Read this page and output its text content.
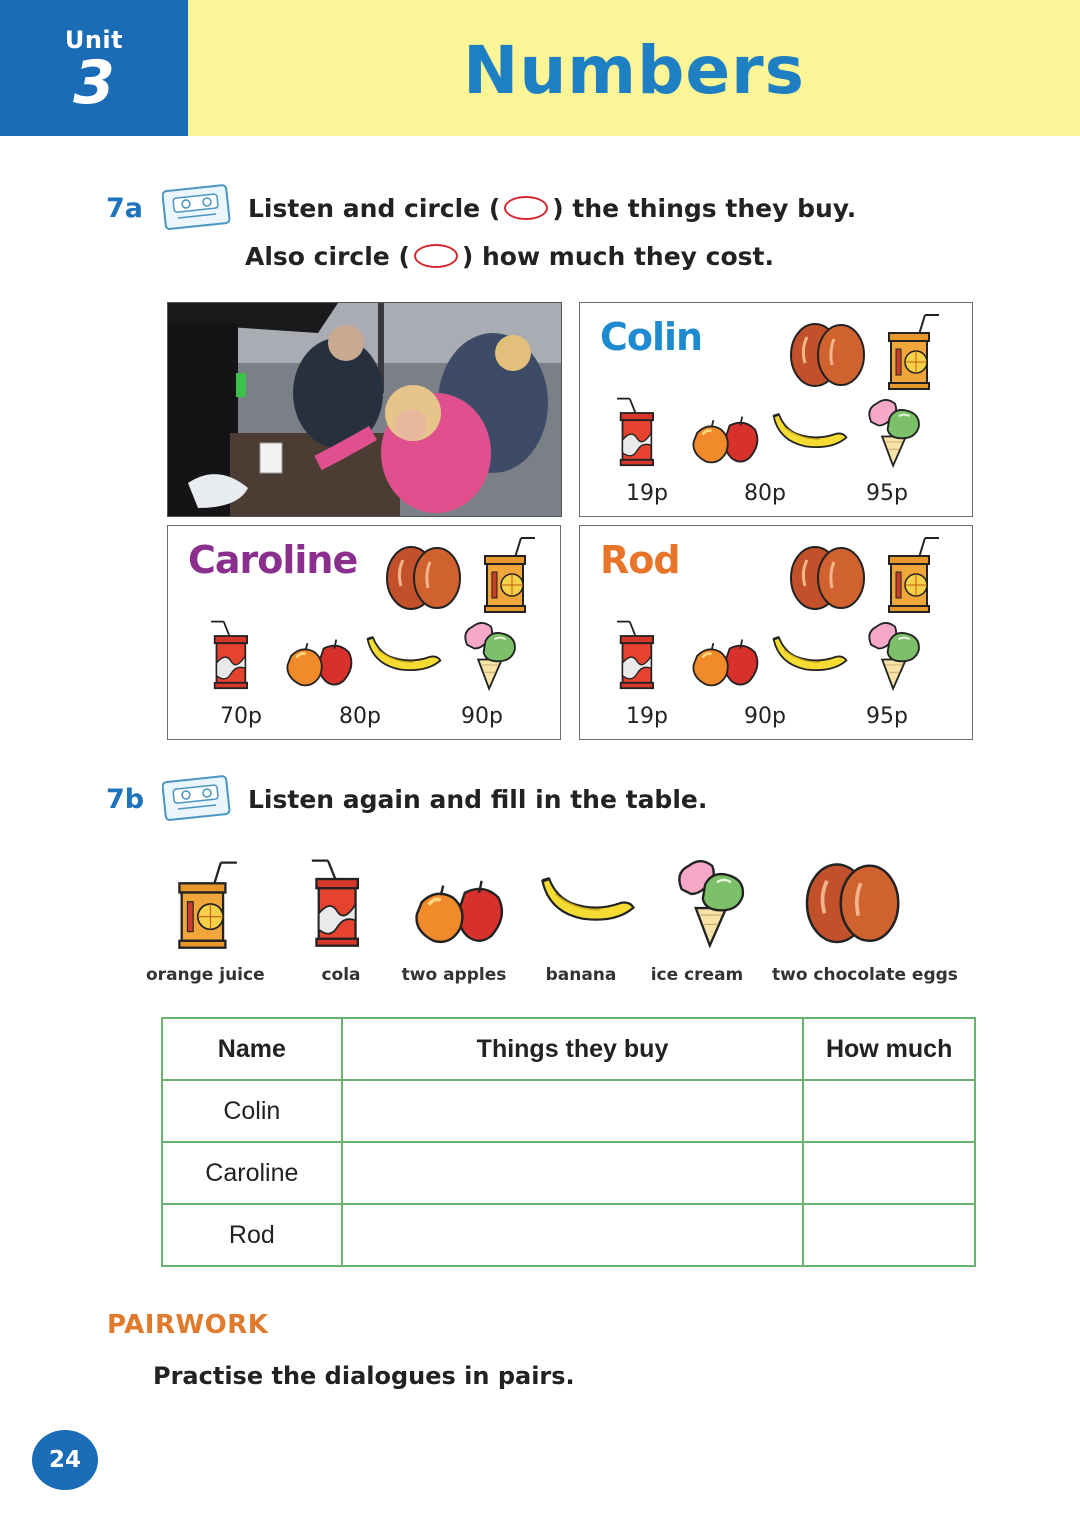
Unit
3	Numbers
7a	Listen and circle ( ) the things they buy.
Also circle ( ) how much they cost.
Colin
19p	80p	95p
Caroline
70p	80p	90p
Rod
19p	90p	95p
7b	Listen again and fill in the table.
orange juice	cola	two apples	banana	ice cream two chocolate eggs
Name	Things they buy	How much
Colin		
Caroline		
Rod		
PAIRWORK
Practise the dialogues in pairs.
24
